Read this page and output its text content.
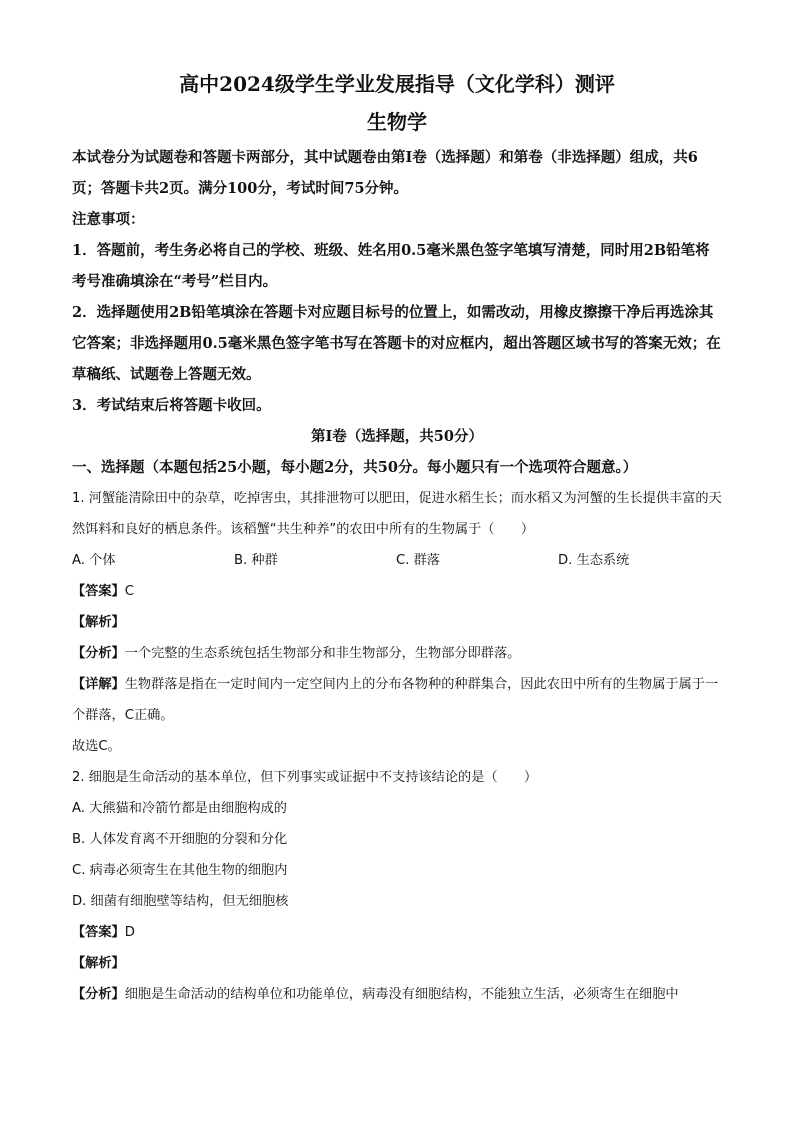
高中2024级学生学业发展指导（文化学科）测评
生物学

本试卷分为试题卷和答题卡两部分，其中试题卷由第I卷（选择题）和第卷（非选择题）组成，共6页；答题卡共2页。满分100分，考试时间75分钟。

注意事项：

1．答题前，考生务必将自己的学校、班级、姓名用0.5毫米黑色签字笔填写清楚，同时用2B铅笔将考号准确填涂在“考号”栏目内。

2．选择题使用2B铅笔填涂在答题卡对应题目标号的位置上，如需改动，用橡皮擦擦干净后再选涂其它答案；非选择题用0.5毫米黑色签字笔书写在答题卡的对应框内，超出答题区域书写的答案无效；在草稿纸、试题卷上答题无效。

3．考试结束后将答题卡收回。

第I卷（选择题，共50分）

一、选择题（本题包括25小题，每小题2分，共50分。每小题只有一个选项符合题意。）

1. 河蟹能清除田中的杂草，吃掉害虫，其排泄物可以肥田，促进水稻生长；而水稻又为河蟹的生长提供丰富的天然饵料和良好的栖息条件。该稻蟹“共生种养”的农田中所有的生物属于（　　）

A. 个体	B. 种群	C. 群落	D. 生态系统

【答案】C

【解析】

【分析】一个完整的生态系统包括生物部分和非生物部分，生物部分即群落。

【详解】生物群落是指在一定时间内一定空间内上的分布各物种的种群集合，因此农田中所有的生物属于属于一个群落，C正确。

故选C。

2. 细胞是生命活动的基本单位，但下列事实或证据中不支持该结论的是（　　）

A. 大熊猫和冷箭竹都是由细胞构成的

B. 人体发育离不开细胞的分裂和分化

C. 病毒必须寄生在其他生物的细胞内

D. 细菌有细胞壁等结构，但无细胞核

【答案】D

【解析】

【分析】细胞是生命活动的结构单位和功能单位，病毒没有细胞结构，不能独立生活，必须寄生在细胞中
